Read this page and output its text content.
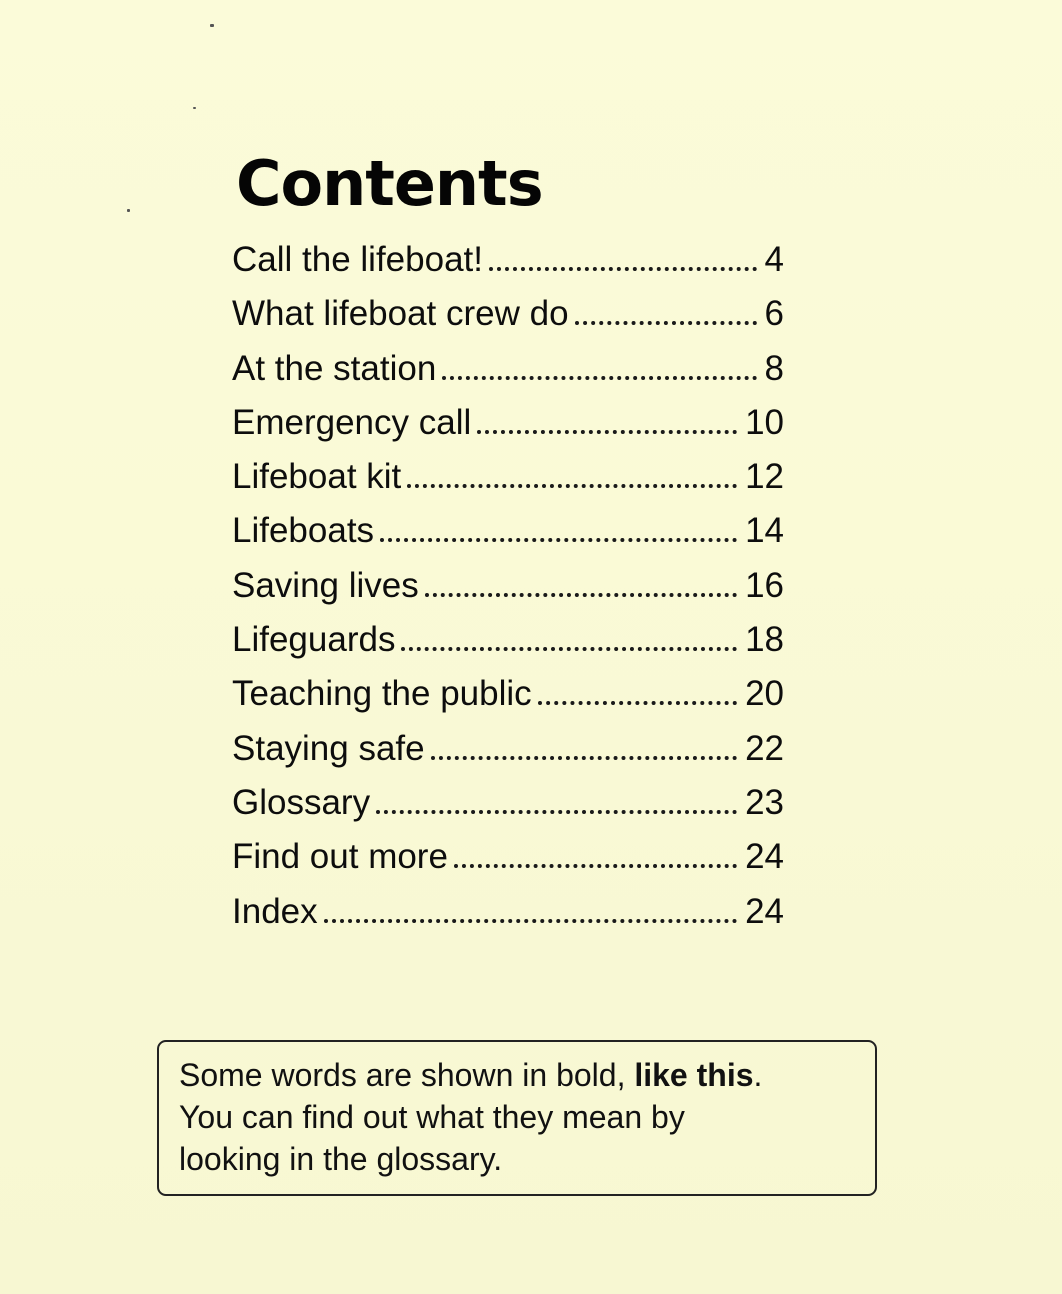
Contents
Call the lifeboat!	4
What lifeboat crew do	6
At the station	8
Emergency call	10
Lifeboat kit	12
Lifeboats	14
Saving lives	16
Lifeguards	18
Teaching the public	20
Staying safe	22
Glossary	23
Find out more	24
Index	24

Some words are shown in bold, like this.

You can find out what they mean by

looking in the glossary.
